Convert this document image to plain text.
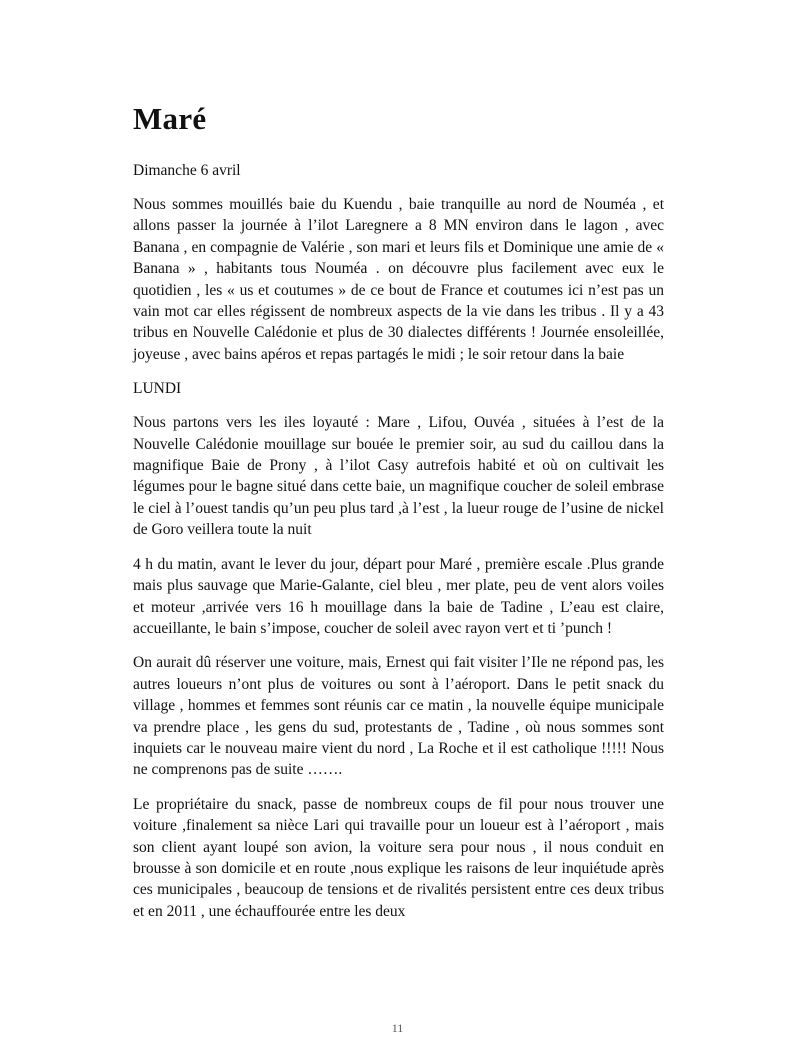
Maré

Dimanche 6 avril

Nous sommes mouillés baie du Kuendu , baie tranquille au nord de Nouméa , et allons passer la journée à l’ilot Laregnere a 8 MN environ dans le lagon , avec Banana , en compagnie de Valérie , son mari et leurs fils et Dominique une amie de « Banana » , habitants tous Nouméa . on découvre plus facilement avec eux le quotidien , les « us et coutumes » de ce bout de France et coutumes ici n’est pas un vain mot car elles régissent de nombreux aspects de la vie dans les tribus . Il y a 43 tribus en Nouvelle Calédonie et plus de 30 dialectes différents ! Journée ensoleillée, joyeuse , avec bains apéros et repas partagés le midi ; le soir retour dans la baie

LUNDI

Nous partons vers les iles loyauté : Mare , Lifou, Ouvéa , situées à l’est de la Nouvelle Calédonie mouillage sur bouée le premier soir, au sud du caillou dans la magnifique Baie de Prony , à l’ilot Casy autrefois habité et où on cultivait les légumes pour le bagne situé dans cette baie, un magnifique coucher de soleil embrase le ciel à l’ouest tandis qu’un peu plus tard ,à l’est , la lueur rouge de l’usine de nickel de Goro veillera toute la nuit

4 h du matin, avant le lever du jour, départ pour Maré , première escale .Plus grande mais plus sauvage que Marie-Galante, ciel bleu , mer plate, peu de vent alors voiles et moteur ,arrivée vers 16 h mouillage dans la baie de Tadine , L’eau est claire, accueillante, le bain s’impose, coucher de soleil avec rayon vert et ti ’punch !

On aurait dû réserver une voiture, mais, Ernest qui fait visiter l’Ile ne répond pas, les autres loueurs n’ont plus de voitures ou sont à l’aéroport. Dans le petit snack du village , hommes et femmes sont réunis car ce matin , la nouvelle équipe municipale va prendre place , les gens du sud, protestants de , Tadine , où nous sommes sont inquiets car le nouveau maire vient du nord , La Roche et il est catholique !!!!! Nous ne comprenons pas de suite …….

Le propriétaire du snack, passe de nombreux coups de fil pour nous trouver une voiture ,finalement sa nièce Lari qui travaille pour un loueur est à l’aéroport , mais son client ayant loupé son avion, la voiture sera pour nous , il nous conduit en brousse à son domicile et en route ,nous explique les raisons de leur inquiétude après ces municipales , beaucoup de tensions et de rivalités persistent entre ces deux tribus et en 2011 , une échauffourée entre les deux

11
